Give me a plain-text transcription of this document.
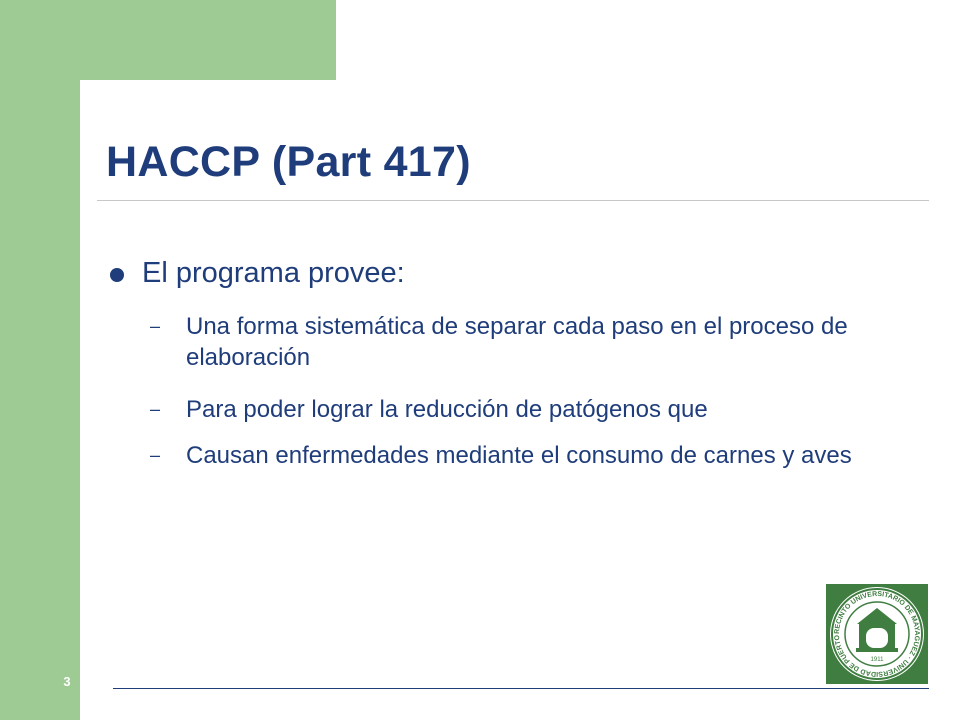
HACCP (Part 417)
El programa provee:
–	Una forma sistemática de separar cada paso en el proceso de elaboración
–	Para poder lograr la reducción de patógenos que
–	Causan enfermedades mediante el consumo de carnes y aves
RECINTO UNIVERSITARIO DE MAYAGUEZ · UNIVERSIDAD DE PUERTO
1911
3
